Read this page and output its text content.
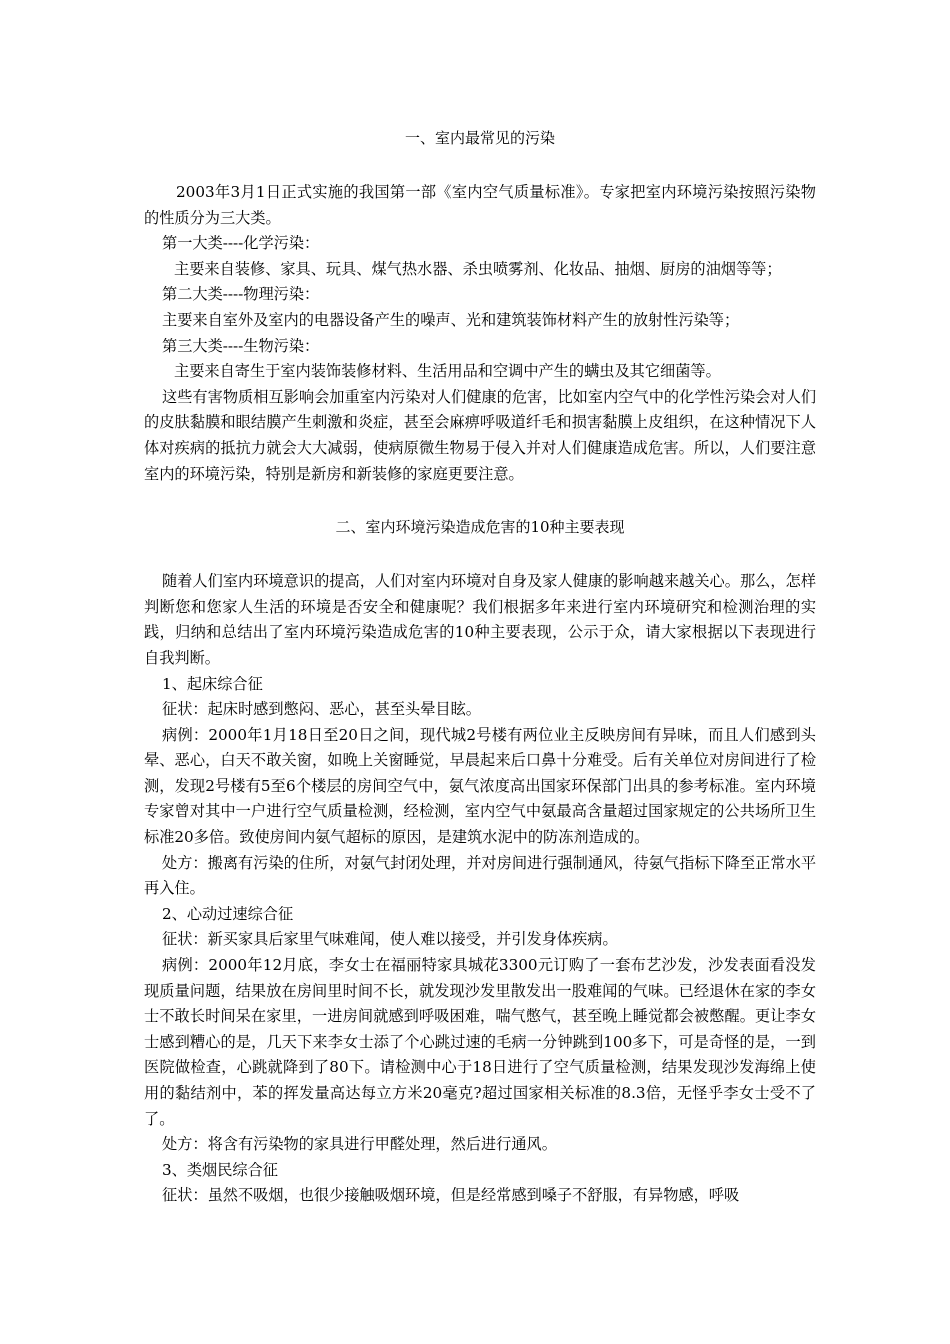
一、室内最常见的污染

2003年3月1日正式实施的我国第一部《室内空气质量标准》。专家把室内环境污染按照污染物的性质分为三大类。

第一大类----化学污染：

主要来自装修、家具、玩具、煤气热水器、杀虫喷雾剂、化妆品、抽烟、厨房的油烟等等；

第二大类----物理污染：

主要来自室外及室内的电器设备产生的噪声、光和建筑装饰材料产生的放射性污染等；

第三大类----生物污染：

主要来自寄生于室内装饰装修材料、生活用品和空调中产生的螨虫及其它细菌等。

这些有害物质相互影响会加重室内污染对人们健康的危害，比如室内空气中的化学性污染会对人们的皮肤黏膜和眼结膜产生刺激和炎症，甚至会麻痹呼吸道纤毛和损害黏膜上皮组织，在这种情况下人体对疾病的抵抗力就会大大减弱，使病原微生物易于侵入并对人们健康造成危害。所以，人们要注意室内的环境污染，特别是新房和新装修的家庭更要注意。

二、室内环境污染造成危害的10种主要表现

随着人们室内环境意识的提高，人们对室内环境对自身及家人健康的影响越来越关心。那么，怎样判断您和您家人生活的环境是否安全和健康呢？我们根据多年来进行室内环境研究和检测治理的实践，归纳和总结出了室内环境污染造成危害的10种主要表现，公示于众，请大家根据以下表现进行自我判断。

1、起床综合征

征状：起床时感到憋闷、恶心，甚至头晕目眩。

病例：2000年1月18日至20日之间，现代城2号楼有两位业主反映房间有异味，而且人们感到头晕、恶心，白天不敢关窗，如晚上关窗睡觉，早晨起来后口鼻十分难受。后有关单位对房间进行了检测，发现2号楼有5至6个楼层的房间空气中，氨气浓度高出国家环保部门出具的参考标准。室内环境专家曾对其中一户进行空气质量检测，经检测，室内空气中氨最高含量超过国家规定的公共场所卫生标准20多倍。致使房间内氨气超标的原因，是建筑水泥中的防冻剂造成的。

处方：搬离有污染的住所，对氨气封闭处理，并对房间进行强制通风，待氨气指标下降至正常水平再入住。

2、心动过速综合征

征状：新买家具后家里气味难闻，使人难以接受，并引发身体疾病。

病例：2000年12月底，李女士在福丽特家具城花3300元订购了一套布艺沙发，沙发表面看没发现质量问题，结果放在房间里时间不长，就发现沙发里散发出一股难闻的气味。已经退休在家的李女士不敢长时间呆在家里，一进房间就感到呼吸困难，喘气憋气，甚至晚上睡觉都会被憋醒。更让李女士感到糟心的是，几天下来李女士添了个心跳过速的毛病一分钟跳到100多下，可是奇怪的是，一到医院做检查，心跳就降到了80下。请检测中心于18日进行了空气质量检测，结果发现沙发海绵上使用的黏结剂中，苯的挥发量高达每立方米20毫克?超过国家相关标准的8.3倍，无怪乎李女士受不了了。

处方：将含有污染物的家具进行甲醛处理，然后进行通风。

3、类烟民综合征

征状：虽然不吸烟，也很少接触吸烟环境，但是经常感到嗓子不舒服，有异物感，呼吸
